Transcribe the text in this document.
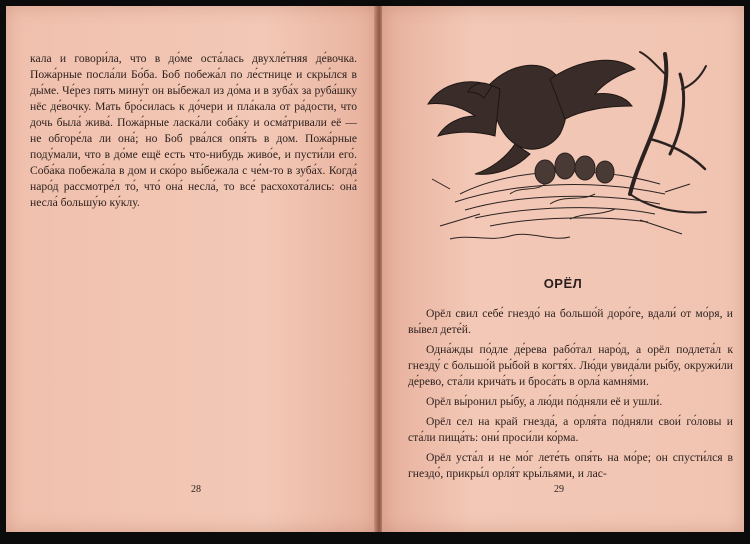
кала и говори́ла, что в до́ме оста́лась двухле́тняя де́вочка. Пожа́рные посла́ли Бо́ба. Боб побежа́л по ле́стнице и скры́лся в ды́ме. Че́рез пять мину́т он вы́бежал из до́ма и в зуба́х за руба́шку нёс де́вочку. Мать бро́силась к до́чери и пла́кала от ра́дости, что дочь была́ жива́. Пожа́рные ласка́ли соба́ку и осма́тривали её — не обгоре́ла ли она́; но Боб рва́лся опя́ть в дом. Пожа́рные поду́мали, что в до́ме ещё есть что-нибудь живо́е, и пусти́ли его́. Соба́ка побежа́ла в дом и ско́ро вы́бежала с че́м-то в зуба́х. Когда́ наро́д рассмотре́л то́, что́ она́ несла́, то все́ расхохота́лись: она́ несла́ большу́ю ку́клу.

28
ОРЁЛ

Орёл свил себе́ гнездо́ на большо́й доро́ге, вдали́ от мо́ря, и вы́вел дете́й.

Одна́жды по́дле де́рева рабо́тал наро́д, а орёл подлета́л к гнезду́ с большо́й ры́бой в когтя́х. Лю́ди увида́ли ры́бу, окружи́ли де́рево, ста́ли крича́ть и броса́ть в орла́ камня́ми.

Орёл вы́ронил ры́бу, а лю́ди по́дняли её и ушли́.

Орёл сел на край гнезда́, а орля́та по́дняли свои́ го́ловы и ста́ли пища́ть: они́ проси́ли ко́рма.

Орёл уста́л и не мо́г лете́ть опя́ть на мо́ре; он спусти́лся в гнездо́, прикры́л орля́т кры́льями, и лас-

29
